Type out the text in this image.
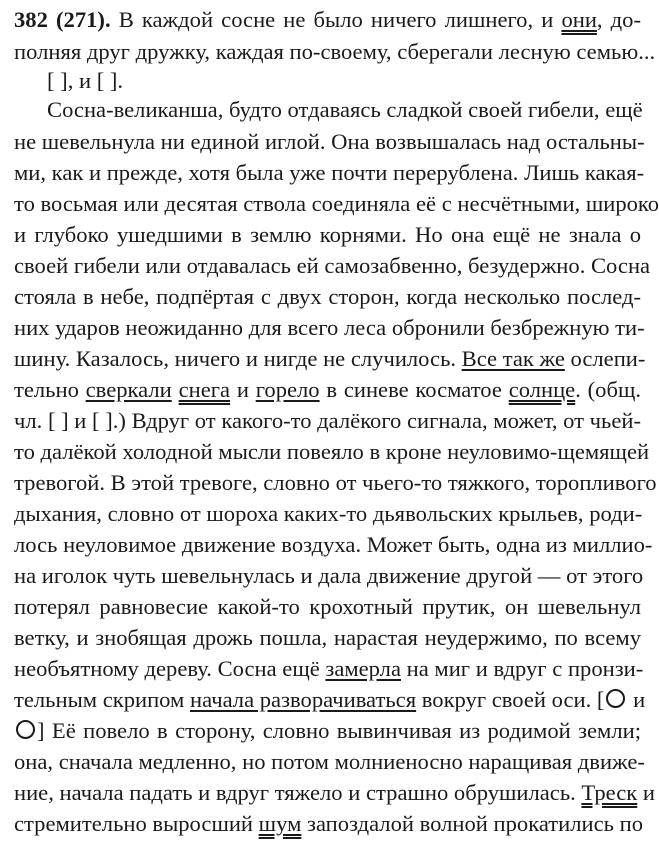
382 (271). В каждой сосне не было ничего лишнего, и они, до-
полняя друг дружку, каждая по-своему, сберегали лесную семью...
[ ], и [ ].
Сосна-великанша, будто отдаваясь сладкой своей гибели, ещё
не шевельнула ни единой иглой. Она возвышалась над остальны-
ми, как и прежде, хотя была уже почти перерублена. Лишь какая-
то восьмая или десятая ствола соединяла её с несчётными, широко
и глубоко ушедшими в землю корнями. Но она ещё не знала о
своей гибели или отдавалась ей самозабвенно, безудержно. Сосна
стояла в небе, подпёртая с двух сторон, когда несколько послед-
них ударов неожиданно для всего леса обронили безбрежную ти-
шину. Казалось, ничего и нигде не случилось. Все так же ослепи-
тельно сверкали снега и горело в синеве косматое солнце. (общ.
чл. [ ] и [ ].) Вдруг от какого-то далёкого сигнала, может, от чьей-
то далёкой холодной мысли повеяло в кроне неуловимо-щемящей
тревогой. В этой тревоге, словно от чьего-то тяжкого, торопливого
дыхания, словно от шороха каких-то дьявольских крыльев, роди-
лось неуловимое движение воздуха. Может быть, одна из миллио-
на иголок чуть шевельнулась и дала движение другой — от этого
потерял равновесие какой-то крохотный прутик, он шевельнул
ветку, и знобящая дрожь пошла, нарастая неудержимо, по всему
необъятному дереву. Сосна ещё замерла на миг и вдруг с пронзи-
тельным скрипом начала разворачиваться вокруг своей оси. [ и
] Её повело в сторону, словно вывинчивая из родимой земли;
она, сначала медленно, но потом молниеносно наращивая движе-
ние, начала падать и вдруг тяжело и страшно обрушилась. Треск и
стремительно выросший шум запоздалой волной прокатились по
